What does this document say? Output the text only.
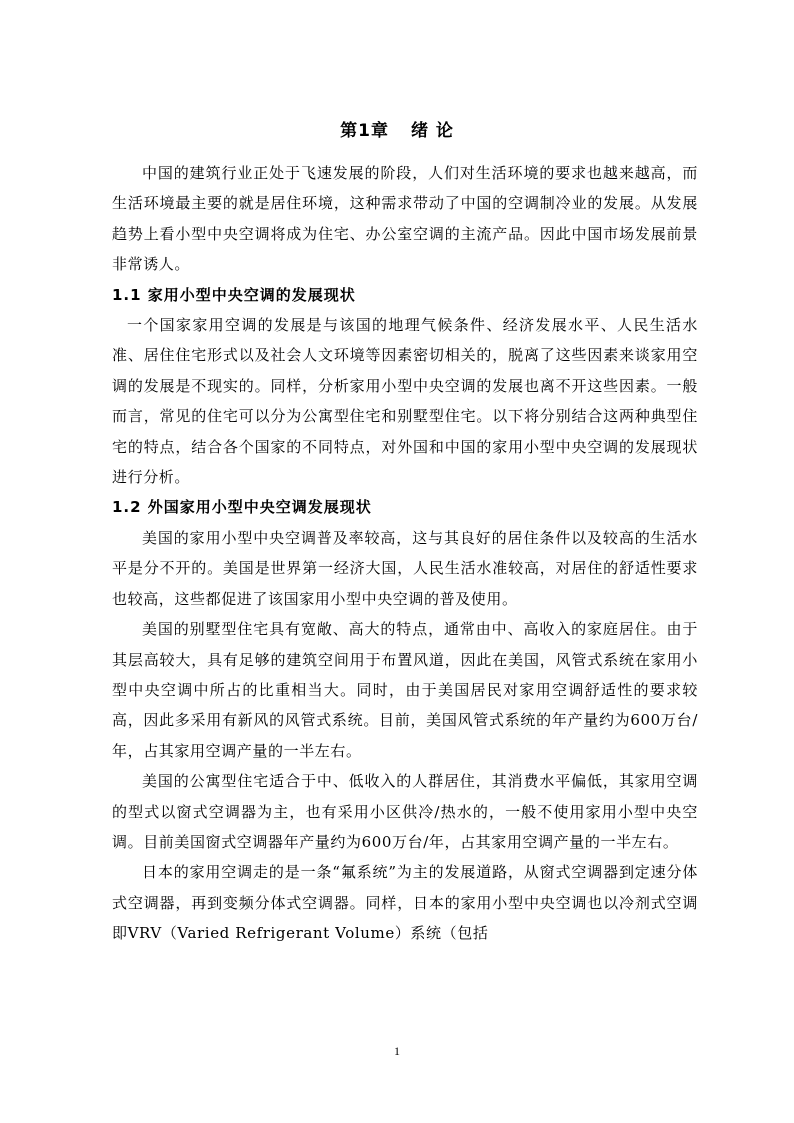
第1章 绪 论

中国的建筑行业正处于飞速发展的阶段，人们对生活环境的要求也越来越高，而生活环境最主要的就是居住环境，这种需求带动了中国的空调制冷业的发展。从发展趋势上看小型中央空调将成为住宅、办公室空调的主流产品。因此中国市场发展前景非常诱人。

1.1 家用小型中央空调的发展现状

一个国家家用空调的发展是与该国的地理气候条件、经济发展水平、人民生活水准、居住住宅形式以及社会人文环境等因素密切相关的，脱离了这些因素来谈家用空调的发展是不现实的。同样，分析家用小型中央空调的发展也离不开这些因素。一般而言，常见的住宅可以分为公寓型住宅和别墅型住宅。以下将分别结合这两种典型住宅的特点，结合各个国家的不同特点，对外国和中国的家用小型中央空调的发展现状进行分析。

1.2 外国家用小型中央空调发展现状

美国的家用小型中央空调普及率较高，这与其良好的居住条件以及较高的生活水平是分不开的。美国是世界第一经济大国，人民生活水准较高，对居住的舒适性要求也较高，这些都促进了该国家用小型中央空调的普及使用。

美国的别墅型住宅具有宽敞、高大的特点，通常由中、高收入的家庭居住。由于其层高较大，具有足够的建筑空间用于布置风道，因此在美国，风管式系统在家用小型中央空调中所占的比重相当大。同时，由于美国居民对家用空调舒适性的要求较高，因此多采用有新风的风管式系统。目前，美国风管式系统的年产量约为600万台/年，占其家用空调产量的一半左右。

美国的公寓型住宅适合于中、低收入的人群居住，其消费水平偏低，其家用空调的型式以窗式空调器为主，也有采用小区供冷/热水的，一般不使用家用小型中央空调。目前美国窗式空调器年产量约为600万台/年，占其家用空调产量的一半左右。

日本的家用空调走的是一条“氟系统”为主的发展道路，从窗式空调器到定速分体式空调器，再到变频分体式空调器。同样，日本的家用小型中央空调也以冷剂式空调即VRV（Varied Refrigerant Volume）系统（包括

1
